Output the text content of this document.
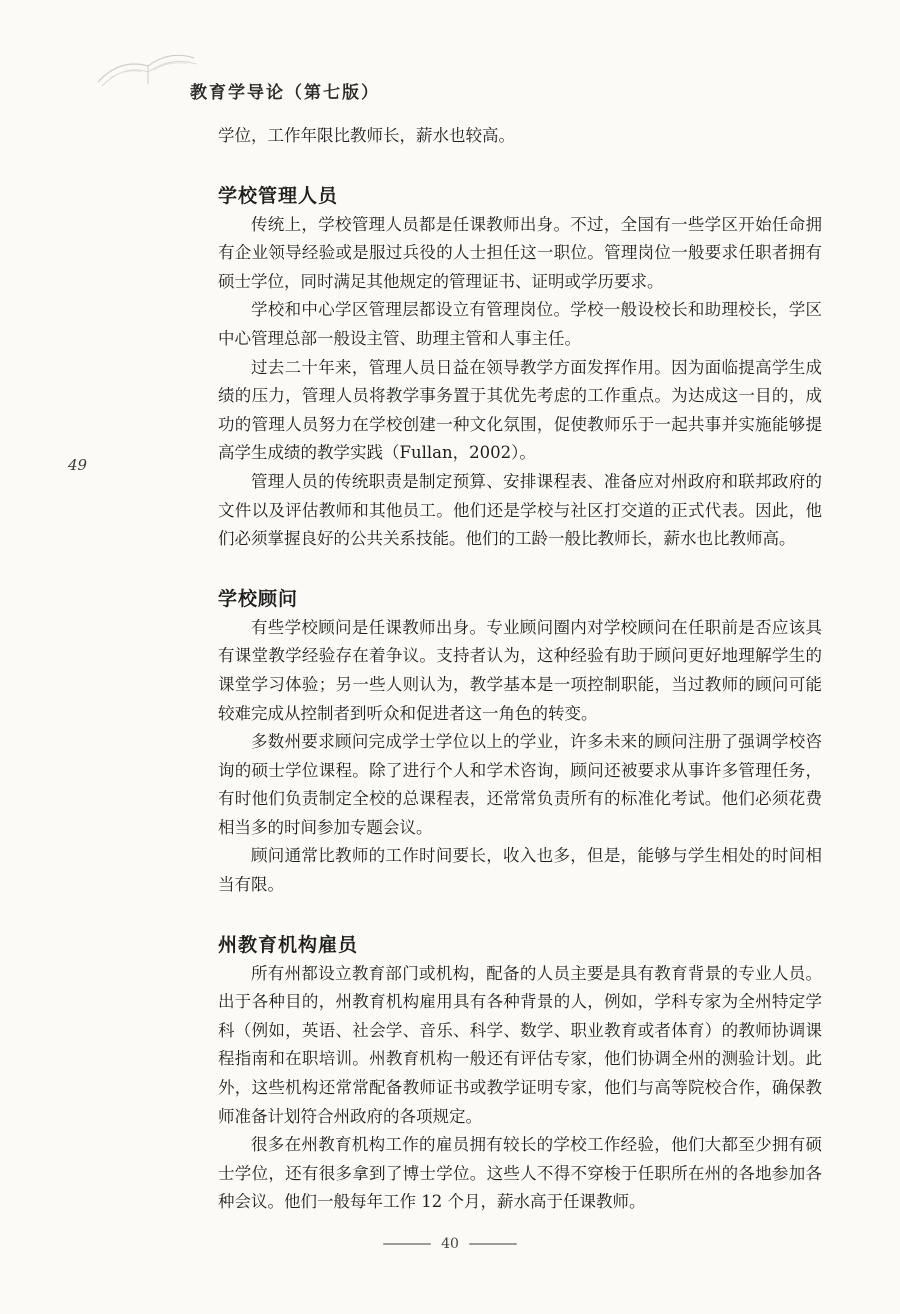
教育学导论（第七版）
49

学位，工作年限比教师长，薪水也较高。

学校管理人员

传统上，学校管理人员都是任课教师出身。不过，全国有一些学区开始任命拥有企业领导经验或是服过兵役的人士担任这一职位。管理岗位一般要求任职者拥有硕士学位，同时满足其他规定的管理证书、证明或学历要求。

学校和中心学区管理层都设立有管理岗位。学校一般设校长和助理校长，学区中心管理总部一般设主管、助理主管和人事主任。

过去二十年来，管理人员日益在领导教学方面发挥作用。因为面临提高学生成绩的压力，管理人员将教学事务置于其优先考虑的工作重点。为达成这一目的，成功的管理人员努力在学校创建一种文化氛围，促使教师乐于一起共事并实施能够提高学生成绩的教学实践（Fullan，2002）。

管理人员的传统职责是制定预算、安排课程表、准备应对州政府和联邦政府的文件以及评估教师和其他员工。他们还是学校与社区打交道的正式代表。因此，他们必须掌握良好的公共关系技能。他们的工龄一般比教师长，薪水也比教师高。

学校顾问

有些学校顾问是任课教师出身。专业顾问圈内对学校顾问在任职前是否应该具有课堂教学经验存在着争议。支持者认为，这种经验有助于顾问更好地理解学生的课堂学习体验；另一些人则认为，教学基本是一项控制职能，当过教师的顾问可能较难完成从控制者到听众和促进者这一角色的转变。

多数州要求顾问完成学士学位以上的学业，许多未来的顾问注册了强调学校咨询的硕士学位课程。除了进行个人和学术咨询，顾问还被要求从事许多管理任务，有时他们负责制定全校的总课程表，还常常负责所有的标准化考试。他们必须花费相当多的时间参加专题会议。

顾问通常比教师的工作时间要长，收入也多，但是，能够与学生相处的时间相当有限。

州教育机构雇员

所有州都设立教育部门或机构，配备的人员主要是具有教育背景的专业人员。出于各种目的，州教育机构雇用具有各种背景的人，例如，学科专家为全州特定学科（例如，英语、社会学、音乐、科学、数学、职业教育或者体育）的教师协调课程指南和在职培训。州教育机构一般还有评估专家，他们协调全州的测验计划。此外，这些机构还常常配备教师证书或教学证明专家，他们与高等院校合作，确保教师准备计划符合州政府的各项规定。

很多在州教育机构工作的雇员拥有较长的学校工作经验，他们大都至少拥有硕士学位，还有很多拿到了博士学位。这些人不得不穿梭于任职所在州的各地参加各种会议。他们一般每年工作 12 个月，薪水高于任课教师。

40
